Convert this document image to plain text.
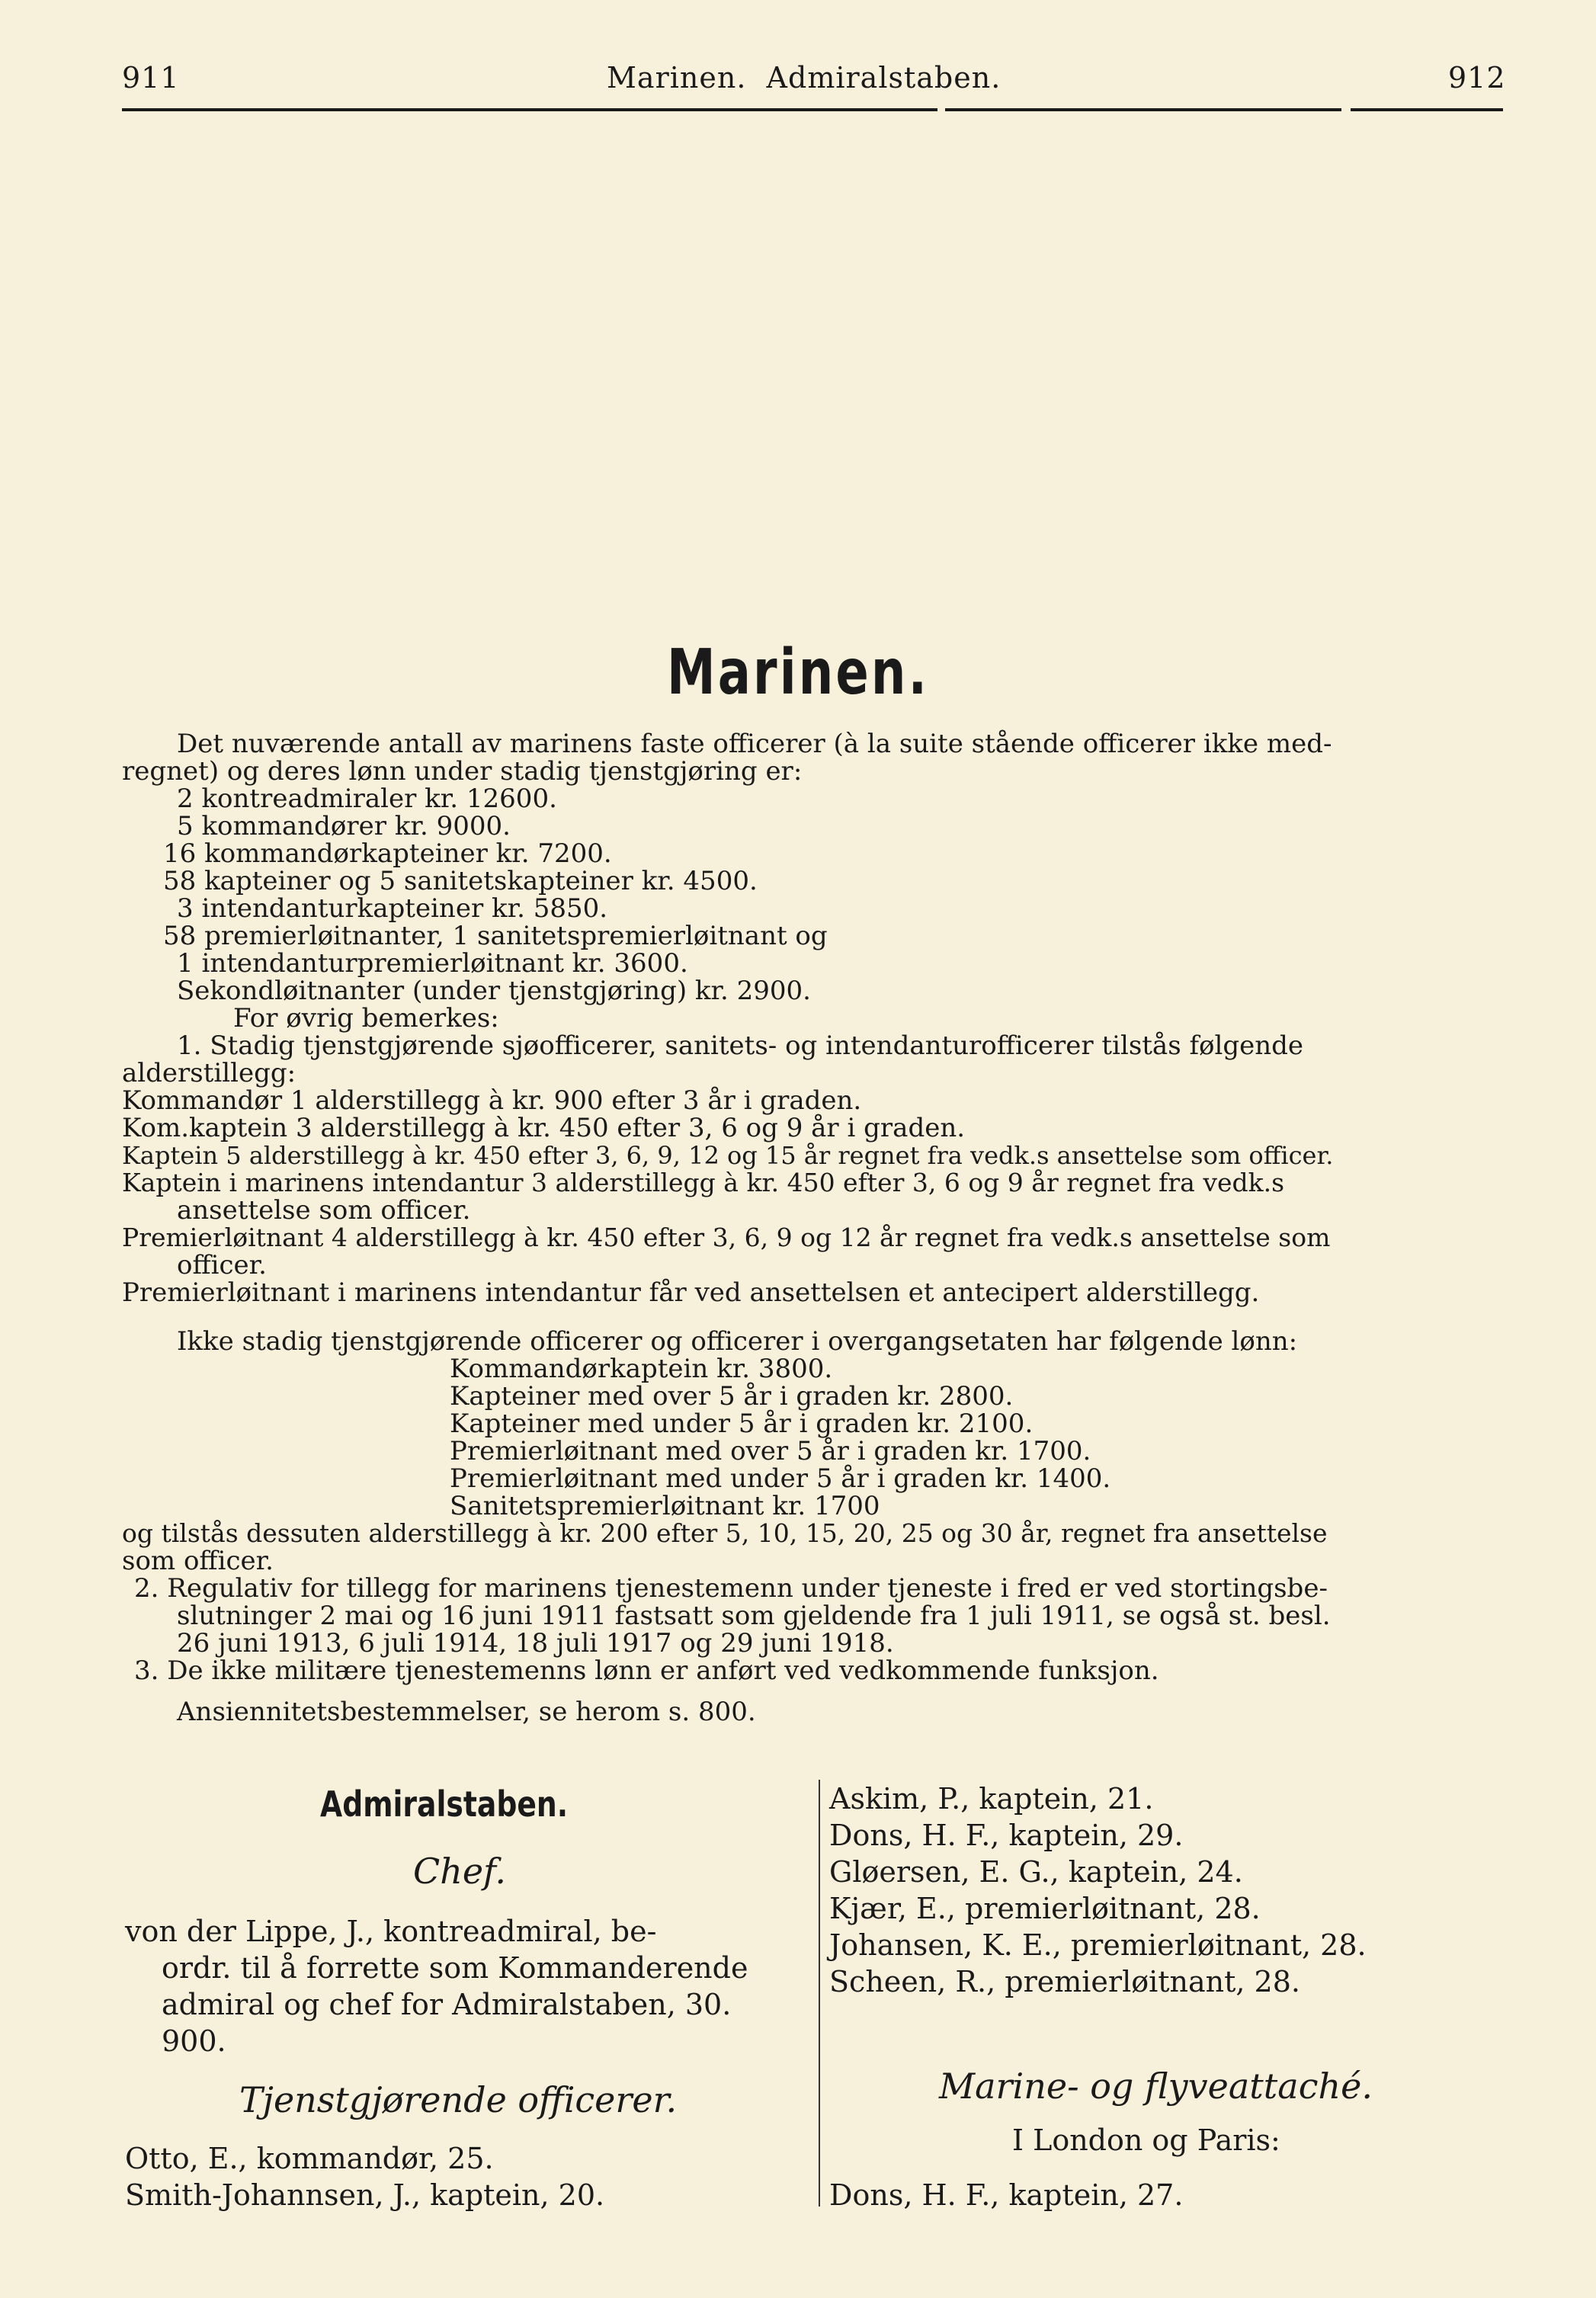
911	Marinen.  Admiralstaben.	912
Marinen.
Det nuværende antall av marinens faste officerer (à la suite stående officerer ikke med-
regnet) og deres lønn under stadig tjenstgjøring er:
2 kontreadmiraler kr. 12600.
5 kommandører kr. 9000.
16 kommandørkapteiner kr. 7200.
58 kapteiner og 5 sanitetskapteiner kr. 4500.
3 intendanturkapteiner kr. 5850.
58 premierløitnanter, 1 sanitetspremierløitnant og
1 intendanturpremierløitnant kr. 3600.
Sekondløitnanter (under tjenstgjøring) kr. 2900.
For øvrig bemerkes:
1. Stadig tjenstgjørende sjøofficerer, sanitets- og intendanturofficerer tilstås følgende
alderstillegg:
Kommandør 1 alderstillegg à kr. 900 efter 3 år i graden.
Kom.kaptein 3 alderstillegg à kr. 450 efter 3, 6 og 9 år i graden.
Kaptein 5 alderstillegg à kr. 450 efter 3, 6, 9, 12 og 15 år regnet fra vedk.s ansettelse som officer.
Kaptein i marinens intendantur 3 alderstillegg à kr. 450 efter 3, 6 og 9 år regnet fra vedk.s
ansettelse som officer.
Premierløitnant 4 alderstillegg à kr. 450 efter 3, 6, 9 og 12 år regnet fra vedk.s ansettelse som
officer.
Premierløitnant i marinens intendantur får ved ansettelsen et antecipert alderstillegg.
Ikke stadig tjenstgjørende officerer og officerer i overgangsetaten har følgende lønn:
Kommandørkaptein kr. 3800.
Kapteiner med over 5 år i graden kr. 2800.
Kapteiner med under 5 år i graden kr. 2100.
Premierløitnant med over 5 år i graden kr. 1700.
Premierløitnant med under 5 år i graden kr. 1400.
Sanitetspremierløitnant kr. 1700
og tilstås dessuten alderstillegg à kr. 200 efter 5, 10, 15, 20, 25 og 30 år, regnet fra ansettelse
som officer.
2. Regulativ for tillegg for marinens tjenestemenn under tjeneste i fred er ved stortingsbe-
slutninger 2 mai og 16 juni 1911 fastsatt som gjeldende fra 1 juli 1911, se også st. besl.
26 juni 1913, 6 juli 1914, 18 juli 1917 og 29 juni 1918.
3. De ikke militære tjenestemenns lønn er anført ved vedkommende funksjon.
Ansiennitetsbestemmelser, se herom s. 800.
Admiralstaben.
Chef.
von der Lippe, J., kontreadmiral, be-
ordr. til å forrette som Kommanderende
admiral og chef for Admiralstaben, 30.
900.
Tjenstgjørende officerer.
Otto, E., kommandør, 25.
Smith-Johannsen, J., kaptein, 20.
Askim, P., kaptein, 21.
Dons, H. F., kaptein, 29.
Gløersen, E. G., kaptein, 24.
Kjær, E., premierløitnant, 28.
Johansen, K. E., premierløitnant, 28.
Scheen, R., premierløitnant, 28.
Marine- og flyveattaché.
I London og Paris:
Dons, H. F., kaptein, 27.
